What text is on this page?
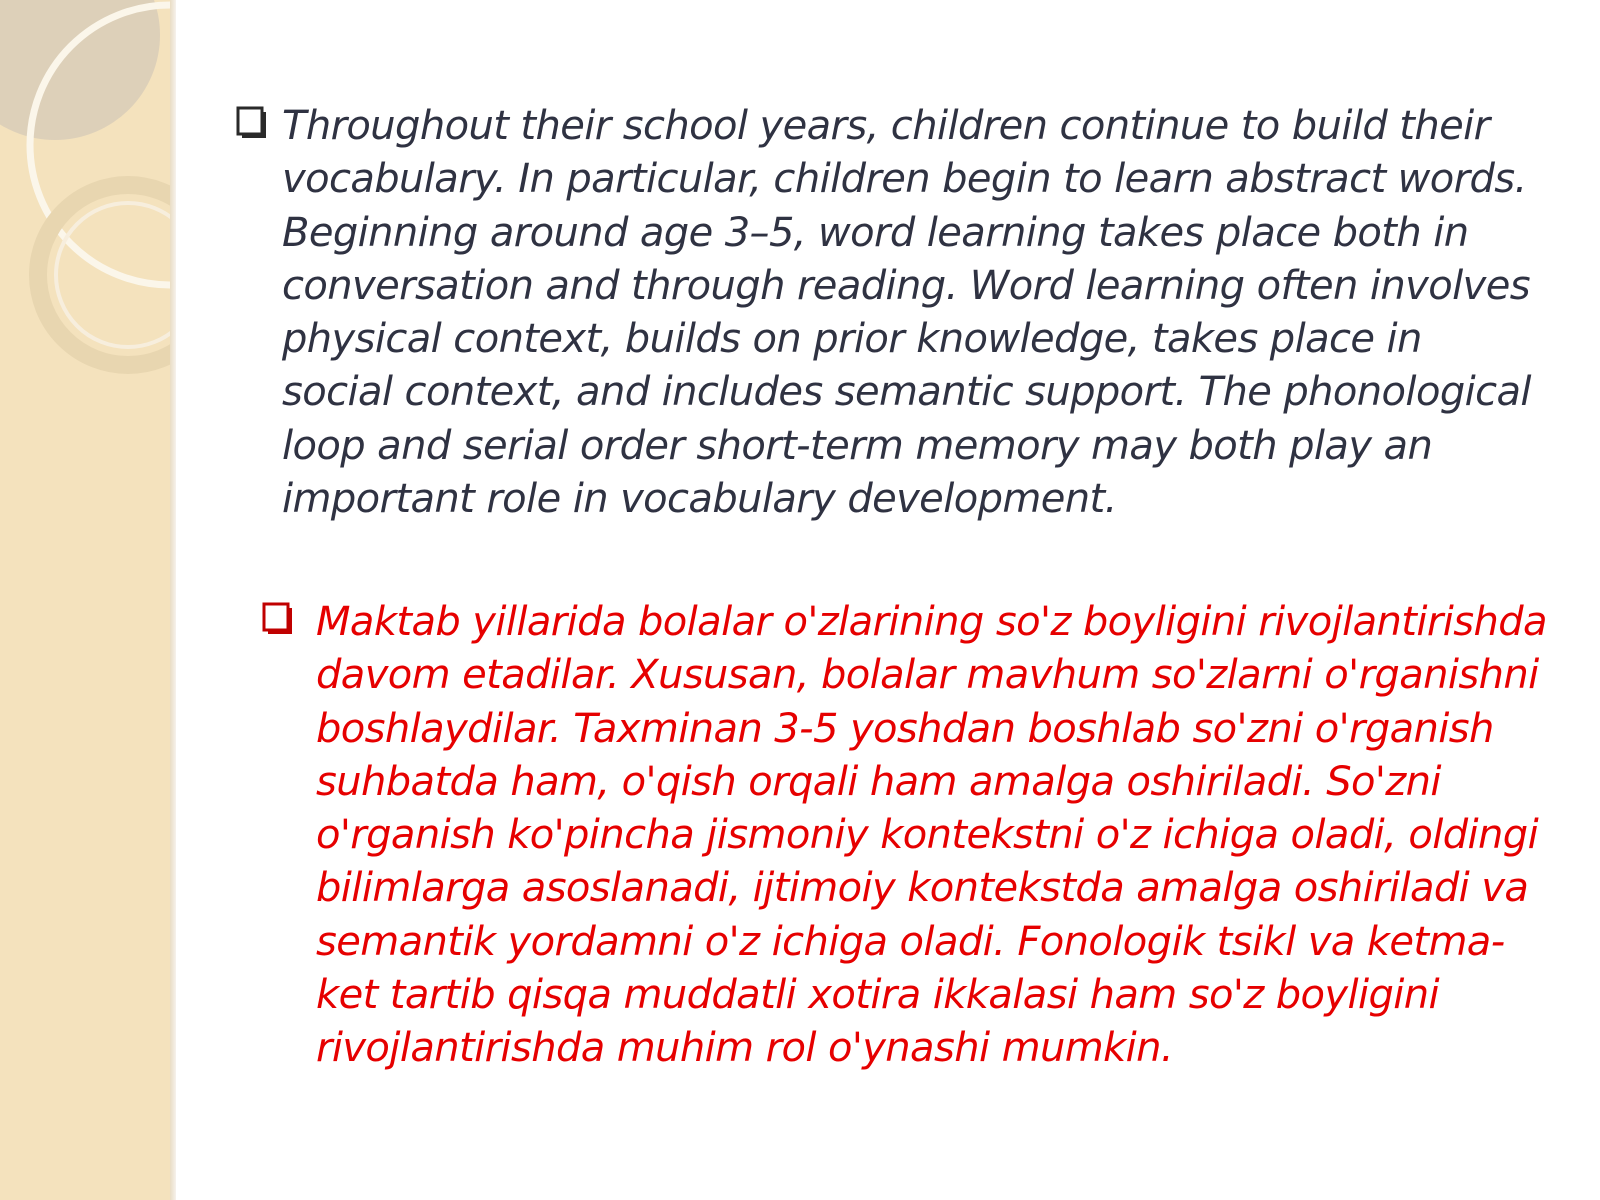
Throughout their school years, children continue to build their vocabulary. In particular, children begin to learn abstract words. Beginning around age 3–5, word learning takes place both in conversation and through reading. Word learning often involves physical context, builds on prior knowledge, takes place in social context, and includes semantic support. The phonological loop and serial order short-term memory may both play an important role in vocabulary development.
Maktab yillarida bolalar o'zlarining so'z boyligini rivojlantirishda davom etadilar. Xususan, bolalar mavhum so'zlarni o'rganishni boshlaydilar. Taxminan 3-5 yoshdan boshlab so'zni o'rganish suhbatda ham, o'qish orqali ham amalga oshiriladi. So'zni o'rganish ko'pincha jismoniy kontekstni o'z ichiga oladi, oldingi bilimlarga asoslanadi, ijtimoiy kontekstda amalga oshiriladi va semantik yordamni o'z ichiga oladi. Fonologik tsikl va ketma-ket tartib qisqa muddatli xotira ikkalasi ham so'z boyligini rivojlantirishda muhim rol o'ynashi mumkin.
